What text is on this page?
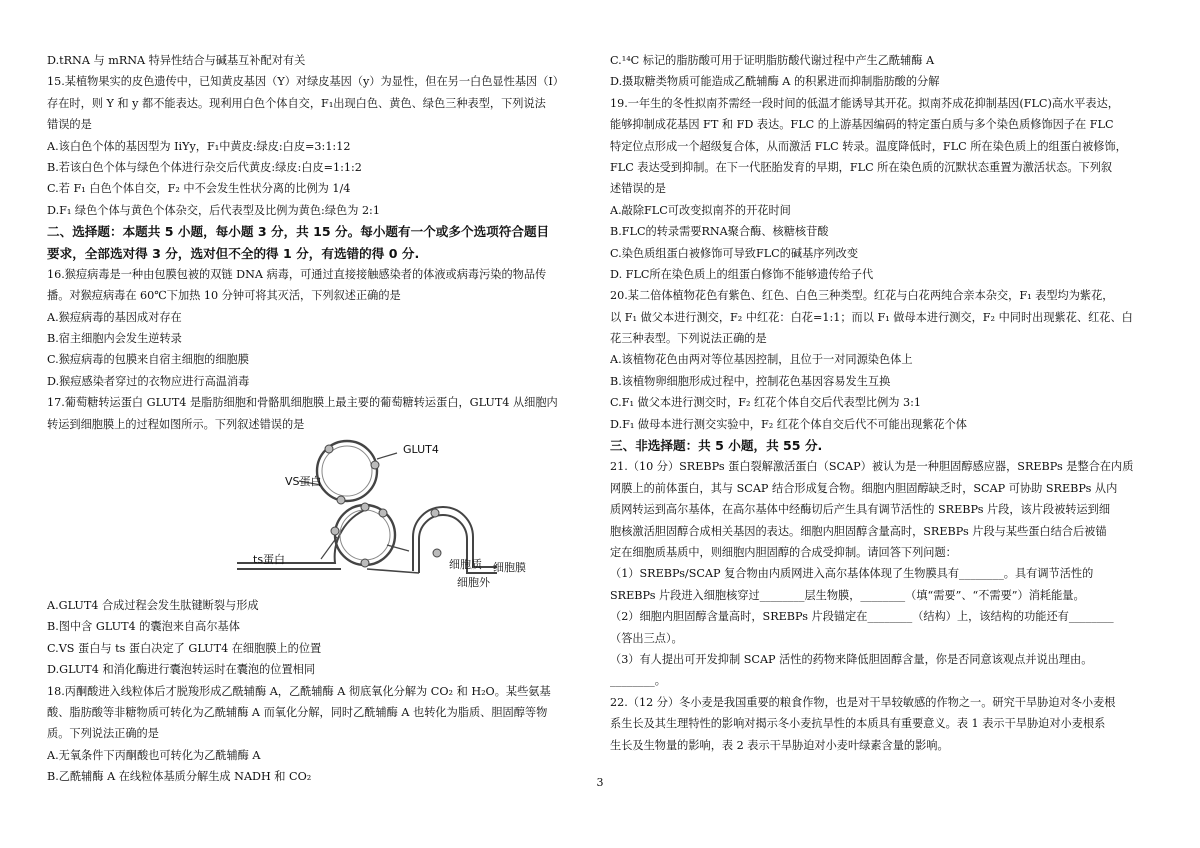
D.tRNA 与 mRNA 特异性结合与碱基互补配对有关
15.某植物果实的皮色遗传中，已知黄皮基因（Y）对绿皮基因（y）为显性，但在另一白色显性基因（I）
存在时，则 Y 和 y 都不能表达。现利用白色个体自交，F₁出现白色、黄色、绿色三种表型，下列说法
错误的是
A.该白色个体的基因型为 IiYy，F₁中黄皮:绿皮:白皮=3:1:12
B.若该白色个体与绿色个体进行杂交后代黄皮:绿皮:白皮=1:1:2
C.若 F₁ 白色个体自交，F₂ 中不会发生性状分离的比例为 1/4
D.F₁ 绿色个体与黄色个体杂交，后代表型及比例为黄色:绿色为 2:1
二、选择题：本题共 5 小题，每小题 3 分，共 15 分。每小题有一个或多个选项符合题目
要求，全部选对得 3 分，选对但不全的得 1 分，有选错的得 0 分.
16.猴痘病毒是一种由包膜包被的双链 DNA 病毒，可通过直接接触感染者的体液或病毒污染的物品传
播。对猴痘病毒在 60℃下加热 10 分钟可将其灭活，下列叙述正确的是
A.猴痘病毒的基因成对存在
B.宿主细胞内会发生逆转录
C.猴痘病毒的包膜来自宿主细胞的细胞膜
D.猴痘感染者穿过的衣物应进行高温消毒
17.葡萄糖转运蛋白 GLUT4 是脂肪细胞和骨骼肌细胞膜上最主要的葡萄糖转运蛋白，GLUT4 从细胞内
转运到细胞膜上的过程如图所示。下列叙述错误的是
VS蛋白
GLUT4
ts蛋白	细胞质 细胞膜
细胞外
A.GLUT4 合成过程会发生肽键断裂与形成
B.图中含 GLUT4 的囊泡来自高尔基体
C.VS 蛋白与 ts 蛋白决定了 GLUT4 在细胞膜上的位置
D.GLUT4 和消化酶进行囊泡转运时在囊泡的位置相同
18.丙酮酸进入线粒体后才脱羧形成乙酰辅酶 A，乙酰辅酶 A 彻底氧化分解为 CO₂ 和 H₂O。某些氨基
酸、脂肪酸等非糖物质可转化为乙酰辅酶 A 而氧化分解，同时乙酰辅酶 A 也转化为脂质、胆固醇等物
质。下列说法正确的是
A.无氧条件下丙酮酸也可转化为乙酰辅酶 A
B.乙酰辅酶 A 在线粒体基质分解生成 NADH 和 CO₂
C.¹⁴C 标记的脂肪酸可用于证明脂肪酸代谢过程中产生乙酰辅酶 A
D.摄取糖类物质可能造成乙酰辅酶 A 的积累进而抑制脂肪酸的分解
19.一年生的冬性拟南芥需经一段时间的低温才能诱导其开花。拟南芥成花抑制基因(FLC)高水平表达，
能够抑制成花基因 FT 和 FD 表达。FLC 的上游基因编码的特定蛋白质与多个染色质修饰因子在 FLC
特定位点形成一个超级复合体，从而激活 FLC 转录。温度降低时，FLC 所在染色质上的组蛋白被修饰，
FLC 表达受到抑制。在下一代胚胎发育的早期，FLC 所在染色质的沉默状态重置为激活状态。下列叙
述错误的是
A.敲除FLC可改变拟南芥的开花时间
B.FLC的转录需要RNA聚合酶、核糖核苷酸
C.染色质组蛋白被修饰可导致FLC的碱基序列改变
D. FLC所在染色质上的组蛋白修饰不能够遗传给子代
20.某二倍体植物花色有紫色、红色、白色三种类型。红花与白花两纯合亲本杂交，F₁ 表型均为紫花，
以 F₁ 做父本进行测交，F₂ 中红花：白花=1:1；而以 F₁ 做母本进行测交，F₂ 中同时出现紫花、红花、白
花三种表型。下列说法正确的是
A.该植物花色由两对等位基因控制，且位于一对同源染色体上
B.该植物卵细胞形成过程中，控制花色基因容易发生互换
C.F₁ 做父本进行测交时，F₂ 红花个体自交后代表型比例为 3:1
D.F₁ 做母本进行测交实验中，F₂ 红花个体自交后代不可能出现紫花个体
三、非选择题：共 5 小题，共 55 分.
21.（10 分）SREBPs 蛋白裂解激活蛋白（SCAP）被认为是一种胆固醇感应器，SREBPs 是整合在内质
网膜上的前体蛋白，其与 SCAP 结合形成复合物。细胞内胆固醇缺乏时，SCAP 可协助 SREBPs 从内
质网转运到高尔基体，在高尔基体中经酶切后产生具有调节活性的 SREBPs 片段，该片段被转运到细
胞核激活胆固醇合成相关基因的表达。细胞内胆固醇含量高时，SREBPs 片段与某些蛋白结合后被锚
定在细胞质基质中，则细胞内胆固醇的合成受抑制。请回答下列问题：
（1）SREBPs/SCAP 复合物由内质网进入高尔基体体现了生物膜具有________。具有调节活性的
SREBPs 片段进入细胞核穿过________层生物膜，________（填“需要”、“不需要”）消耗能量。
（2）细胞内胆固醇含量高时，SREBPs 片段锚定在________（结构）上，该结构的功能还有________
（答出三点）。
（3）有人提出可开发抑制 SCAP 活性的药物来降低胆固醇含量，你是否同意该观点并说出理由。
________。
22.（12 分）冬小麦是我国重要的粮食作物，也是对干旱较敏感的作物之一。研究干旱胁迫对冬小麦根
系生长及其生理特性的影响对揭示冬小麦抗旱性的本质具有重要意义。表 1 表示干旱胁迫对小麦根系
生长及生物量的影响，表 2 表示干旱胁迫对小麦叶绿素含量的影响。
3
